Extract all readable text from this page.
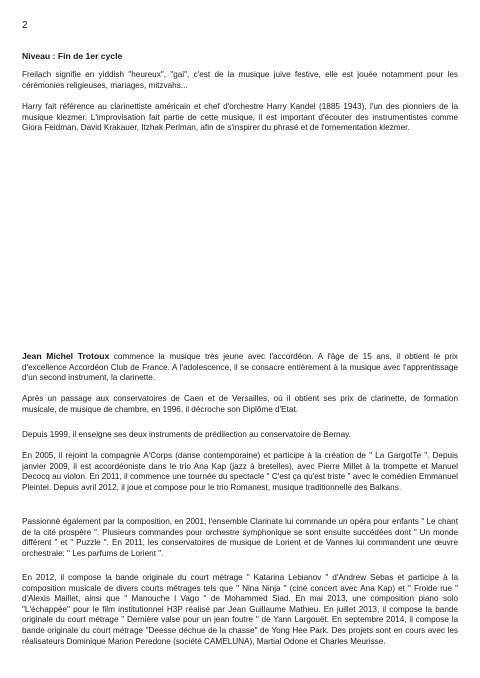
2
Niveau : Fin de 1er cycle

Freilach signifie en yiddish "heureux", "gai", c'est de la musique juive festive, elle est jouée notamment pour les cérémonies religieuses, mariages, mitzvahs...

Harry fait référence au clarinettiste américain et chef d'orchestre Harry Kandel (1885 1943), l'un des pionniers de la musique klezmer. L'improvisation fait partie de cette musique, il est important d'écouter des instrumentistes comme Giora Feidman, David Krakauer, Itzhak Perlman, afin de s'inspirer du phrasé et de l'ornementation klezmer.

Jean Michel Trotoux commence la musique très jeune avec l'accordéon. A l'âge de 15 ans, il obtient le prix d'excellence Accordéon Club de France. A l'adolescence, il se consacre entièrement à la musique avec l'apprentissage d'un second instrument, la clarinette.

Après un passage aux conservatoires de Caen et de Versailles, où il obtient ses prix de clarinette, de formation musicale, de musique de chambre, en 1996, il décroche son Diplôme d'Etat.

Depuis 1999, il enseigne ses deux instruments de prédilection au conservatoire de Bernay.

En 2005, il rejoint la compagnie A'Corps (danse contemporaine) et participe à la création de " La GargotTe ". Depuis janvier 2009, il est accordéoniste dans le trio Ana Kap (jazz à bretelles), avec Pierre Millet à la trompette et Manuel Decocq au violon. En 2011, il commence une tournée du spectacle " C'est ça qu'est triste " avec le comédien Emmanuel Pleintel. Depuis avril 2012, il joue et compose pour le trio Romanest, musique traditionnelle des Balkans.

Passionné également par la composition, en 2001, l'ensemble Clarinate lui commande un opéra pour enfants " Le chant de la cité prospère ". Plusieurs commandes pour orchestre symphonique se sont ensuite succédées dont " Un monde différent " et " Puzzle ". En 2011, les conservatoires de musique de Lorient et de Vannes lui commandent une œuvre orchestrale: " Les parfums de Lorient ".

En 2012, il compose la bande originale du court métrage " Katarina Lebianov " d'Andrew Sebas et participe à la composition musicale de divers courts métrages tels que " Nina Ninja " (ciné concert avec Ana Kap) et " Froide rue " d'Alexis Maillet, ainsi que " Manouche l Vago " de Mohammed Siad. En mai 2013, une composition piano solo "L'échappée" pour le film institutionnel H3P réalisé par Jean Guillaume Mathieu. En juillet 2013, il compose la bande originale du court métrage " Dernière valse pour un jean foutre " de Yann Largouët. En septembre 2014, il compose la bande originale du court métrage "Deesse déchue de la chasse" de Yong Hee Park. Des projets sont en cours avec les réalisateurs Dominique Marion Peredone (société CAMELUNA), Martial Odone et Charles Meurisse.
